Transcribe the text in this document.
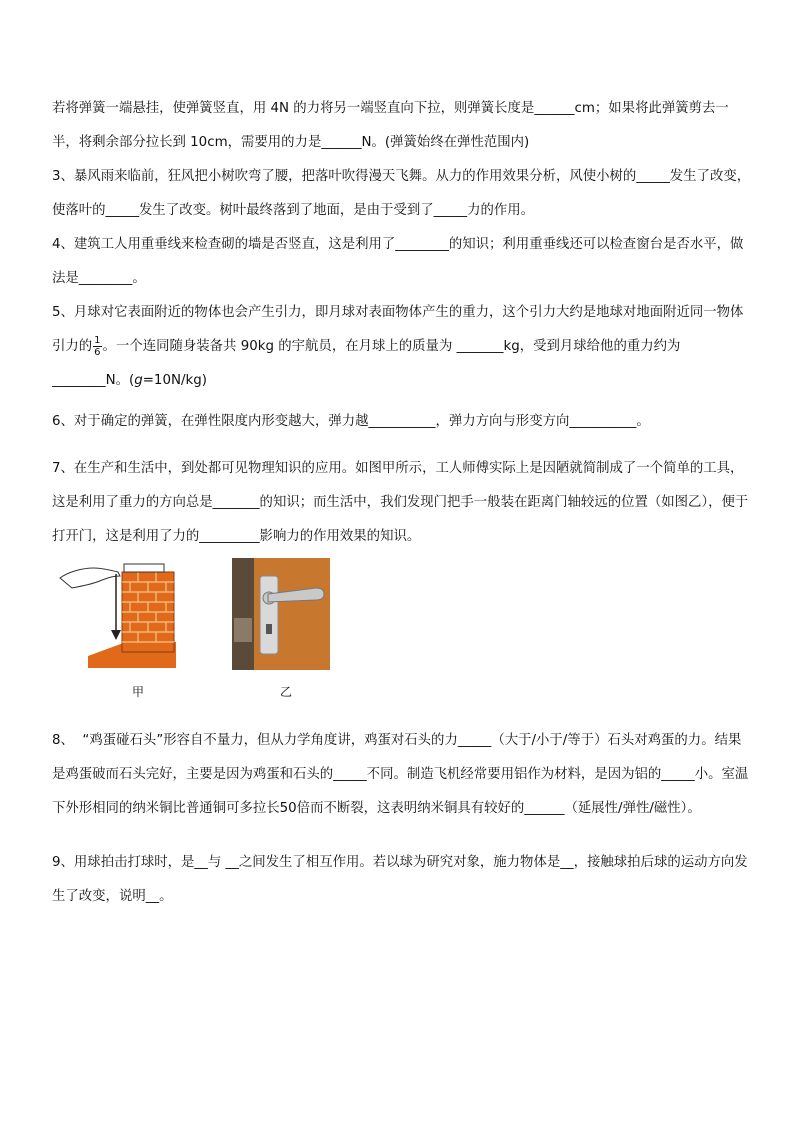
若将弹簧一端悬挂，使弹簧竖直，用 4N 的力将另一端竖直向下拉，则弹簧长度是______cm；如果将此弹簧剪去一半，将剩余部分拉长到 10cm，需要用的力是______N。(弹簧始终在弹性范围内)
3、暴风雨来临前，狂风把小树吹弯了腰，把落叶吹得漫天飞舞。从力的作用效果分析，风使小树的_____发生了改变，使落叶的_____发生了改变。树叶最终落到了地面，是由于受到了_____力的作用。
4、建筑工人用重垂线来检查砌的墙是否竖直，这是利用了________的知识；利用重垂线还可以检查窗台是否水平，做法是________。
5、月球对它表面附近的物体也会产生引力，即月球对表面物体产生的重力，这个引力大约是地球对地面附近同一物体引力的 $\frac{1}{6}$ 。一个连同随身装备共 90kg 的宇航员，在月球上的质量为 _______kg，受到月球给他的重力约为 ________N。(g=10N/kg)
6、对于确定的弹簧，在弹性限度内形变越大，弹力越__________，弹力方向与形变方向__________。
7、在生产和生活中，到处都可见物理知识的应用。如图甲所示，工人师傅实际上是因陋就简制成了一个简单的工具，这是利用了重力的方向总是_______的知识；而生活中，我们发现门把手一般装在距离门轴较远的位置（如图乙），便于打开门，这是利用了力的_________影响力的作用效果的知识。
甲	乙
8、  “鸡蛋碰石头”形容自不量力，但从力学角度讲，鸡蛋对石头的力_____（大于/小于/等于）石头对鸡蛋的力。结果是鸡蛋破而石头完好，主要是因为鸡蛋和石头的_____不同。制造飞机经常要用铝作为材料，是因为铝的_____小。室温下外形相同的纳米铜比普通铜可多拉长50倍而不断裂，这表明纳米铜具有较好的______（延展性/弹性/磁性）。
9、用球拍击打球时，是__与 __之间发生了相互作用。若以球为研究对象，施力物体是__，接触球拍后球的运动方向发生了改变，说明__。
